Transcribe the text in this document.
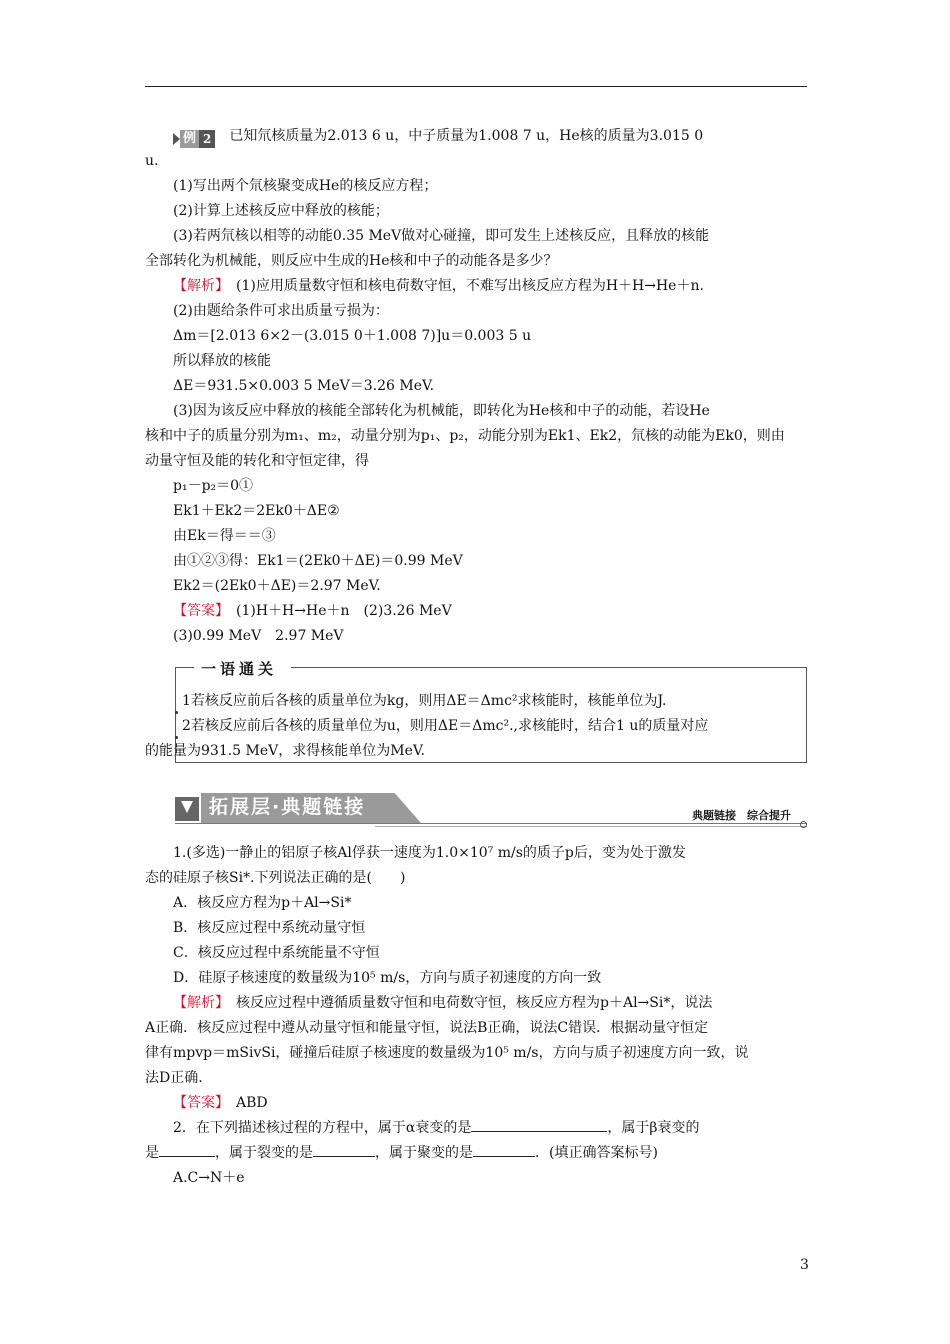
例 2 已知氘核质量为2.013 6 u，中子质量为1.008 7 u，He核的质量为3.015 0
u.
(1)写出两个氘核聚变成He的核反应方程；
(2)计算上述核反应中释放的核能；
(3)若两氘核以相等的动能0.35 MeV做对心碰撞，即可发生上述核反应，且释放的核能
全部转化为机械能，则反应中生成的He核和中子的动能各是多少？
【解析】　 (1)应用质量数守恒和核电荷数守恒，不难写出核反应方程为H＋H→He＋n.
(2)由题给条件可求出质量亏损为：
Δm＝[2.013 6×2－(3.015 0＋1.008 7)]u＝0.003 5 u
所以释放的核能
ΔE＝931.5×0.003 5 MeV＝3.26 MeV.
(3)因为该反应中释放的核能全部转化为机械能，即转化为He核和中子的动能，若设He
核和中子的质量分别为m₁、m₂，动量分别为p₁、p₂，动能分别为Ek1、Ek2，氘核的动能为Ek0，则由
动量守恒及能的转化和守恒定律，得
p₁－p₂＝0①
Ek1＋Ek2＝2Ek0＋ΔE②
由Ek＝得＝＝③
由①②③得：Ek1＝(2Ek0＋ΔE)＝0.99 MeV
Ek2＝(2Ek0＋ΔE)＝2.97 MeV.
【答案】　 (1)H＋H→He＋n　(2)3.26 MeV
(3)0.99 MeV　2.97 MeV
一语通关
1若核反应前后各核的质量单位为kg，则用ΔE＝Δmc²求核能时，核能单位为J.
2若核反应前后各核的质量单位为u，则用ΔE＝Δmc².,求核能时，结合1 u的质量对应
的能量为931.5 MeV，求得核能单位为MeV.
拓展层·典题链接	典题链接　综合提升
1.(多选)一静止的铝原子核Al俘获一速度为1.0×10⁷ m/s的质子p后，变为处于激发
态的硅原子核Si*.下列说法正确的是(　　)
A．核反应方程为p＋Al→Si*
B．核反应过程中系统动量守恒
C．核反应过程中系统能量不守恒
D．硅原子核速度的数量级为10⁵ m/s，方向与质子初速度的方向一致
【解析】　 核反应过程中遵循质量数守恒和电荷数守恒，核反应方程为p＋Al→Si*，说法
A正确．核反应过程中遵从动量守恒和能量守恒，说法B正确，说法C错误．根据动量守恒定
律有mpvp＝mSivSi，碰撞后硅原子核速度的数量级为10⁵ m/s，方向与质子初速度方向一致，说
法D正确.
【答案】　 ABD
2．在下列描述核过程的方程中，属于α衰变的是	，属于β衰变的
是	，属于裂变的是	，属于聚变的是	．(填正确答案标号)
A.C→N＋e
3
